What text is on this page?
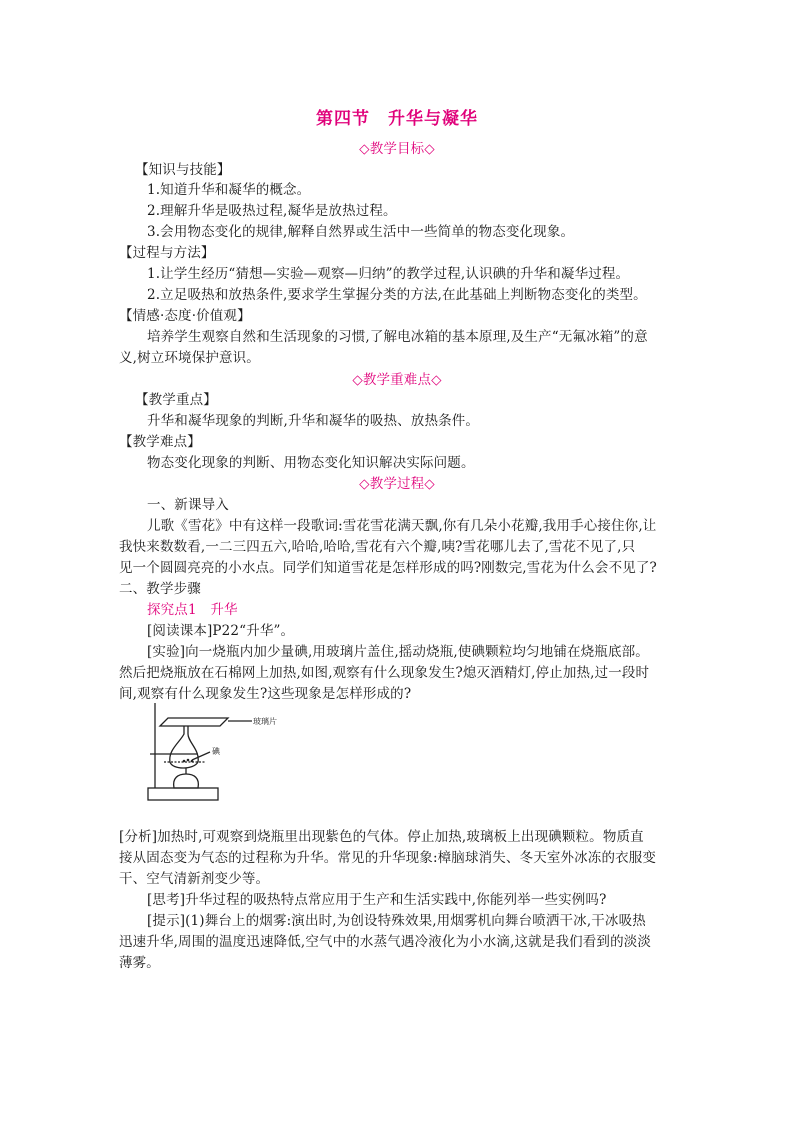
第四节　升华与凝华
◇教学目标◇
【知识与技能】
1.知道升华和凝华的概念。
2.理解升华是吸热过程,凝华是放热过程。
3.会用物态变化的规律,解释自然界或生活中一些简单的物态变化现象。
【过程与方法】
1.让学生经历“猜想—实验—观察—归纳”的教学过程,认识碘的升华和凝华过程。
2.立足吸热和放热条件,要求学生掌握分类的方法,在此基础上判断物态变化的类型。
【情感·态度·价值观】
培养学生观察自然和生活现象的习惯,了解电冰箱的基本原理,及生产“无氟冰箱”的意
义,树立环境保护意识。
◇教学重难点◇
【教学重点】
升华和凝华现象的判断,升华和凝华的吸热、放热条件。
【教学难点】
物态变化现象的判断、用物态变化知识解决实际问题。
◇教学过程◇
一、新课导入
儿歌《雪花》中有这样一段歌词:雪花雪花满天飘,你有几朵小花瓣,我用手心接住你,让
我快来数数看,一二三四五六,哈哈,哈哈,雪花有六个瓣,咦?雪花哪儿去了,雪花不见了,只
见一个圆圆亮亮的小水点。同学们知道雪花是怎样形成的吗?刚数完,雪花为什么会不见了?
二、教学步骤
探究点1　升华
[阅读课本]P22“升华”。
[实验]向一烧瓶内加少量碘,用玻璃片盖住,摇动烧瓶,使碘颗粒均匀地铺在烧瓶底部。
然后把烧瓶放在石棉网上加热,如图,观察有什么现象发生?熄灭酒精灯,停止加热,过一段时
间,观察有什么现象发生?这些现象是怎样形成的?
玻璃片
碘
[分析]加热时,可观察到烧瓶里出现紫色的气体。停止加热,玻璃板上出现碘颗粒。物质直
接从固态变为气态的过程称为升华。常见的升华现象:樟脑球消失、冬天室外冰冻的衣服变
干、空气清新剂变少等。
[思考]升华过程的吸热特点常应用于生产和生活实践中,你能列举一些实例吗?
[提示](1)舞台上的烟雾:演出时,为创设特殊效果,用烟雾机向舞台喷洒干冰,干冰吸热
迅速升华,周围的温度迅速降低,空气中的水蒸气遇冷液化为小水滴,这就是我们看到的淡淡
薄雾。
